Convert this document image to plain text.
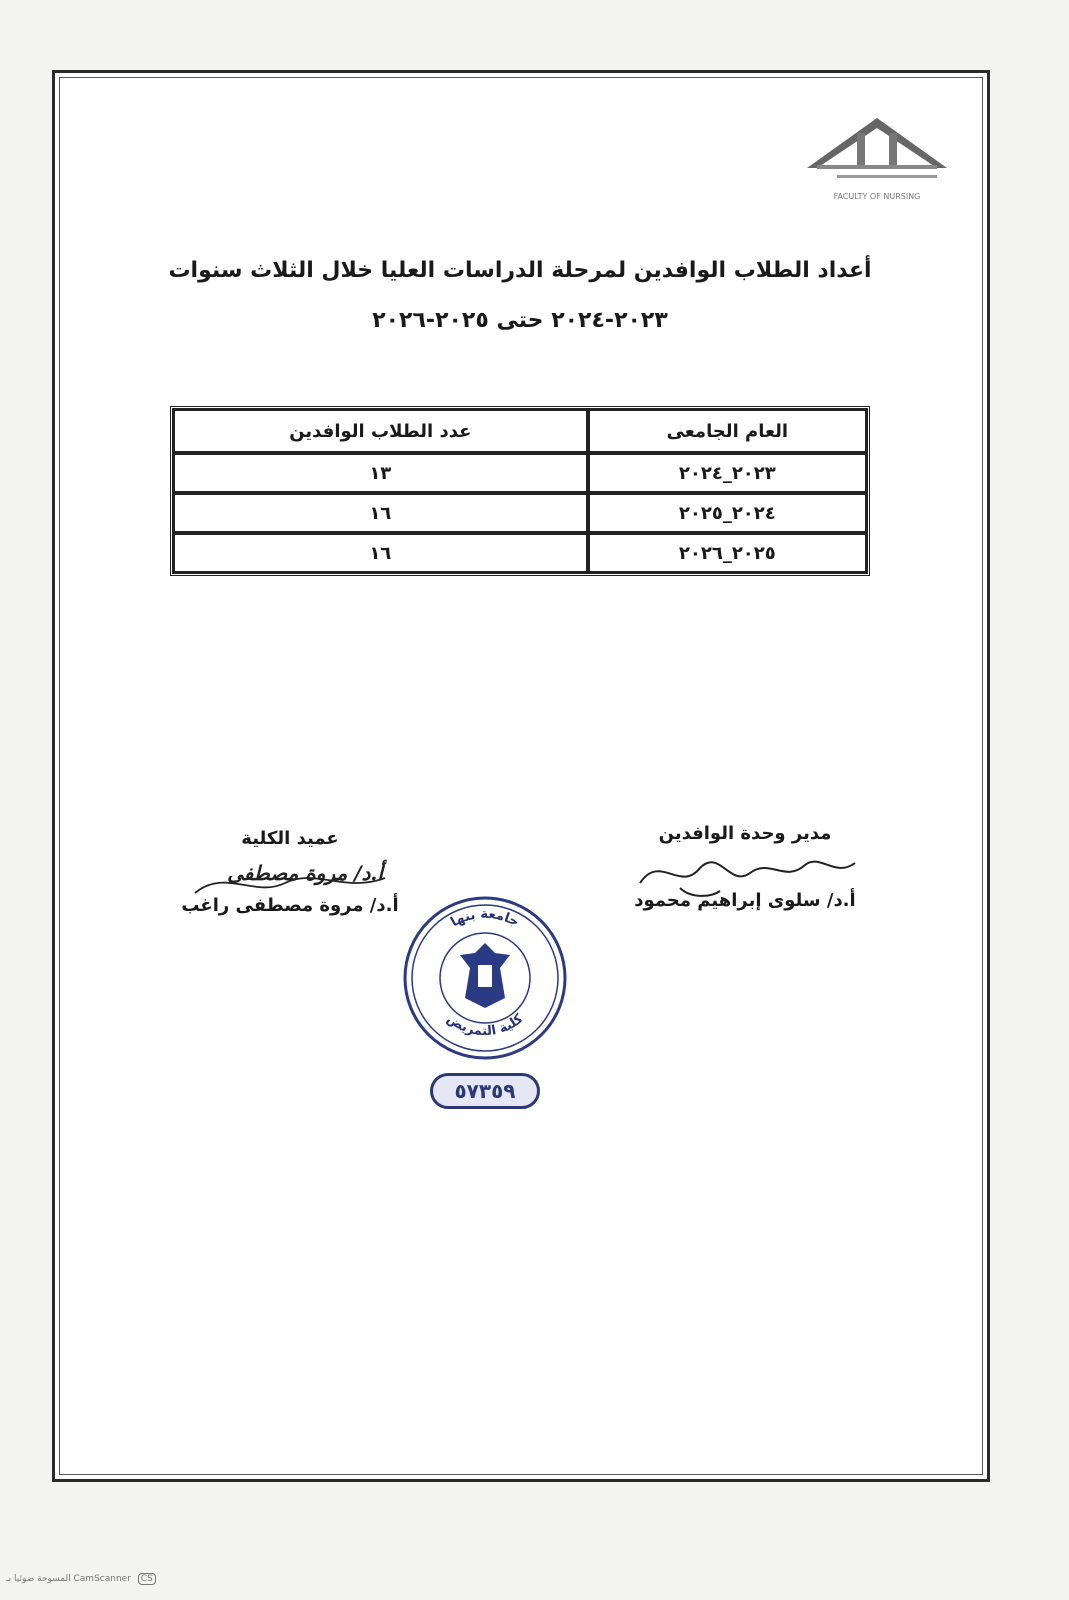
FACULTY OF NURSING
أعداد الطلاب الوافدين لمرحلة الدراسات العليا خلال الثلاث سنوات
٢٠٢٣-٢٠٢٤ حتى ٢٠٢٥-٢٠٢٦
العام الجامعى	عدد الطلاب الوافدين
٢٠٢٣_٢٠٢٤	١٣
٢٠٢٤_٢٠٢٥	١٦
٢٠٢٥_٢٠٢٦	١٦
مدير وحدة الوافدين
أ.د/ سلوى إبراهيم محمود
عميد الكلية
أ.د/ مروة مصطفى
أ.د/ مروة مصطفى راغب
جامعة بنها
كلية التمريض
٥٧٣٥٩
CS CamScanner المسوحة ضوئيا بـ
